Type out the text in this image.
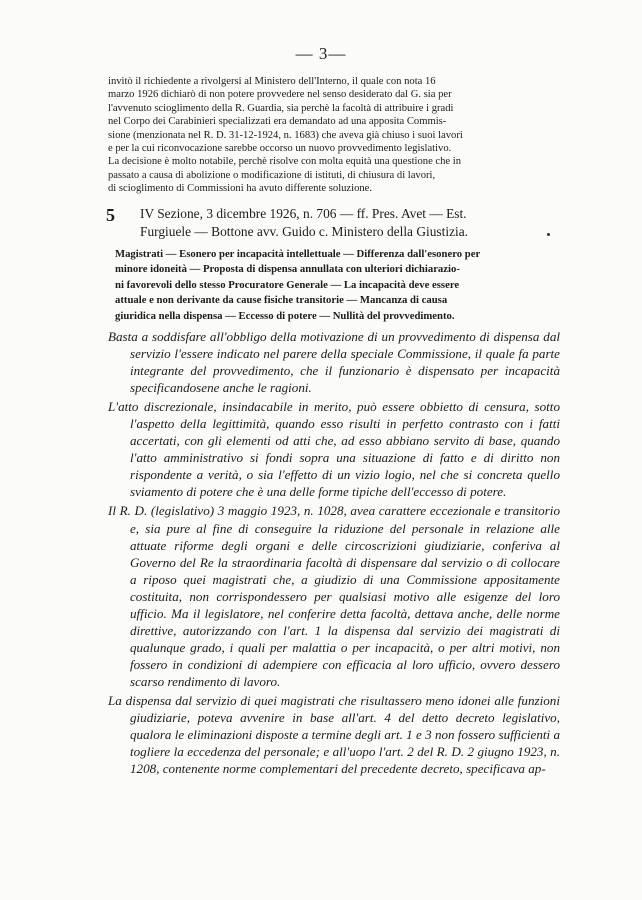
— 3—

invitò il richiedente a rivolgersi al Ministero dell'Interno, il quale con nota 16

marzo 1926 dichiarò di non potere provvedere nel senso desiderato dal G. sia per

l'avvenuto scioglimento della R. Guardia, sia perchè la facoltà di attribuire i gradi

nel Corpo dei Carabinieri specializzati era demandato ad una apposita Commis-

sione (menzionata nel R. D. 31-12-1924, n. 1683) che aveva già chiuso i suoi lavori

e per la cui riconvocazione sarebbe occorso un nuovo provvedimento legislativo.

La decisione è molto notabile, perchè risolve con molta equità una questione che in

passato a causa di abolizione o modificazione di istituti, di chiusura di lavori,

di scioglimento di Commissioni ha avuto differente soluzione.

5 IV Sezione, 3 dicembre 1926, n. 706 — ff. Pres. Avet — Est.

Furgiuele — Bottone avv. Guido c. Ministero della Giustizia.

Magistrati — Esonero per incapacità intellettuale — Differenza dall'esonero per

minore idoneità — Proposta di dispensa annullata con ulteriori dichiarazio-

ni favorevoli dello stesso Procuratore Generale — La incapacità deve essere

attuale e non derivante da cause fisiche transitorie — Mancanza di causa

giuridica nella dispensa — Eccesso di potere — Nullità del provvedimento.

Basta a soddisfare all'obbligo della motivazione di un provvedimento di dispensa dal servizio l'essere indicato nel parere della speciale Commissione, il quale fa parte integrante del provvedimento, che il funzionario è dispensato per incapacità specificandosene anche le ragioni.

L'atto discrezionale, insindacabile in merito, può essere obbietto di censura, sotto l'aspetto della legittimità, quando esso risulti in perfetto contrasto con i fatti accertati, con gli elementi od atti che, ad esso abbiano servito di base, quando l'atto amministrativo si fondi sopra una situazione di fatto e di diritto non rispondente a verità, o sia l'effetto di un vizio logio, nel che si concreta quello sviamento di potere che è una delle forme tipiche dell'eccesso di potere.

Il R. D. (legislativo) 3 maggio 1923, n. 1028, avea carattere eccezionale e transitorio e, sia pure al fine di conseguire la riduzione del personale in relazione alle attuate riforme degli organi e delle circoscrizioni giudiziarie, conferiva al Governo del Re la straordinaria facoltà di dispensare dal servizio o di collocare a riposo quei magistrati che, a giudizio di una Commissione appositamente costituita, non corrispondessero per qualsiasi motivo alle esigenze del loro ufficio. Ma il legislatore, nel conferire detta facoltà, dettava anche, delle norme direttive, autorizzando con l'art. 1 la dispensa dal servizio dei magistrati di qualunque grado, i quali per malattia o per incapacità, o per altri motivi, non fossero in condizioni di adempiere con efficacia al loro ufficio, ovvero dessero scarso rendimento di lavoro.

La dispensa dal servizio di quei magistrati che risultassero meno idonei alle funzioni giudiziarie, poteva avvenire in base all'art. 4 del detto decreto legislativo, qualora le eliminazioni disposte a termine degli art. 1 e 3 non fossero sufficienti a togliere la eccedenza del personale; e all'uopo l'art. 2 del R. D. 2 giugno 1923, n. 1208, contenente norme complementari del precedente decreto, specificava ap-
